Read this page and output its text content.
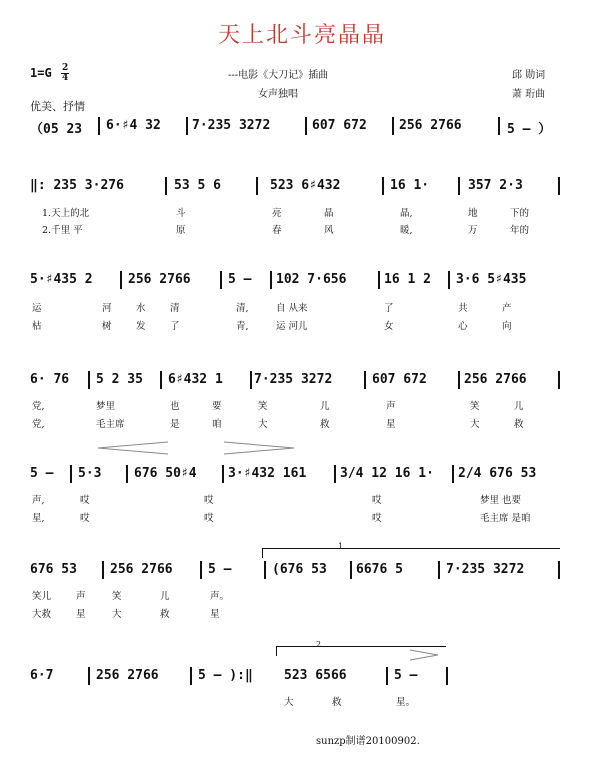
天上北斗亮晶晶
1=G 2
4	---电影《大刀记》插曲
女声独唱
邱 勋词
萧 珩曲
优美、抒情
（05 23 6·♯4 32 7·235 3272	607 672 256 2766	5 – ）
‖: 235 3·276	53 5 6	523 6♯432	16 1·	357 2·3
1.天上的北	斗	亮	晶	晶,	地	下的
2.千里 平	原	春	风	暖,	万	年的
5·♯435 2	256 2766	5 – 102 7·656	16 1 2 3·6 5♯435
运	河	水	清	清,	自 从来	了	共	产
枯	树	发	了	青,	运 河儿	女	心	向
6· 76 5 2 35 6♯432 1 7·235 3272	607 672	256 2766
党,	梦里	也	要	笑	儿	声	笑	儿
党,	毛主席	是	咱	大	救	星	大	救
5 – 5·3	676 50♯4 3·♯432 161	3/4 12 16 1· 2/4 676 53
声,	哎	哎	哎	梦里 也要
星,	哎	哎	哎	毛主席 是咱
1
676 53	256 2766	5 –	(676 53 6676 5	7·235 3272
笑儿	声	笑	儿	声。
大救	星	大	救	星
2
6·7	256 2766	5 – ):‖ 523 6566	5 –
大	救	星。
sunzp制谱20100902.
